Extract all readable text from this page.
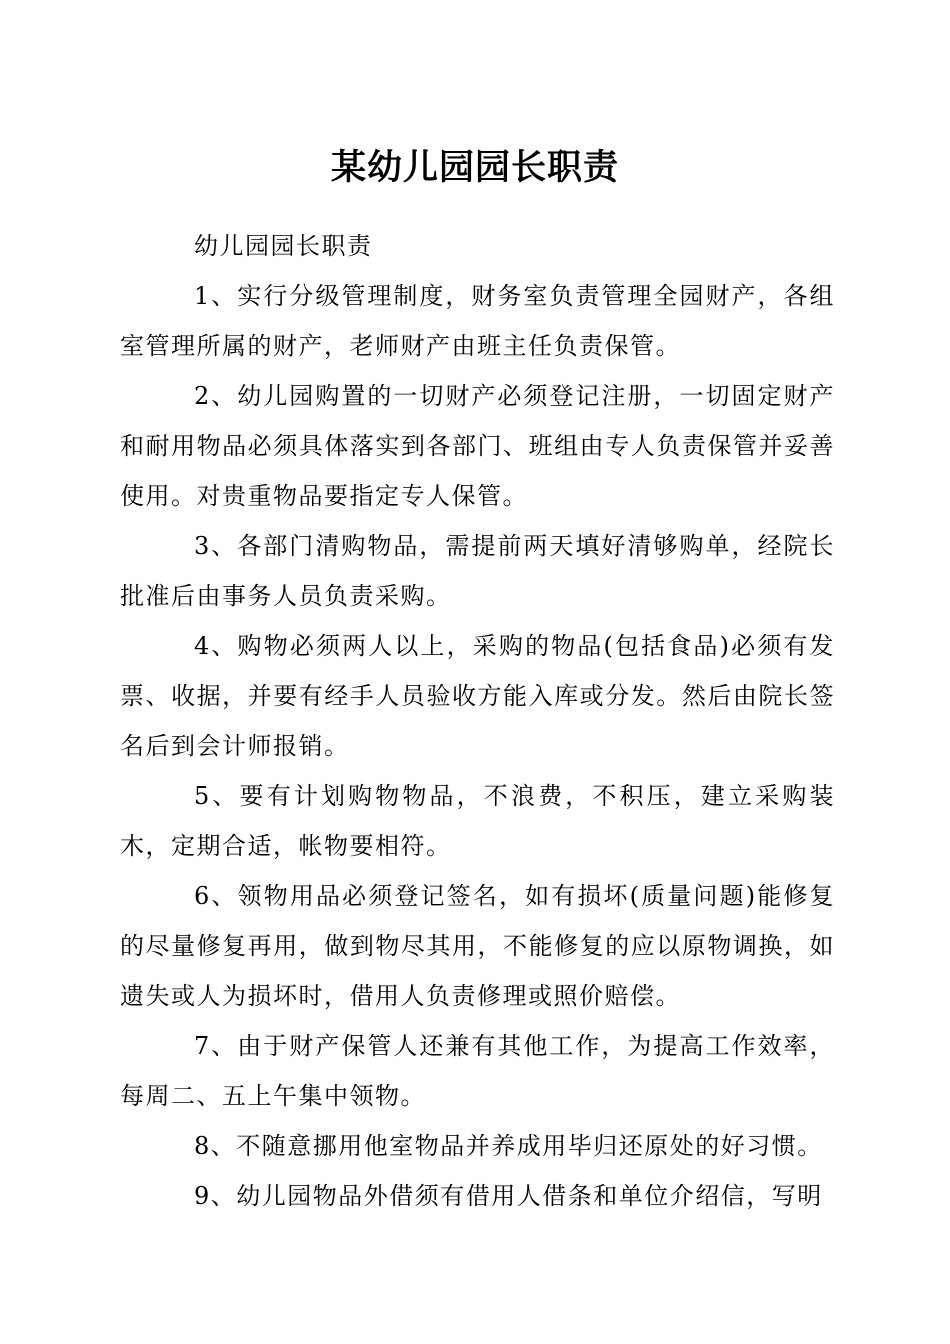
某幼儿园园长职责

幼儿园园长职责

1、实行分级管理制度，财务室负责管理全园财产，各组室管理所属的财产，老师财产由班主任负责保管。

2、幼儿园购置的一切财产必须登记注册，一切固定财产和耐用物品必须具体落实到各部门、班组由专人负责保管并妥善使用。对贵重物品要指定专人保管。

3、各部门清购物品，需提前两天填好清够购单，经院长批准后由事务人员负责采购。

4、购物必须两人以上，采购的物品(包括食品)必须有发票、收据，并要有经手人员验收方能入库或分发。然后由院长签名后到会计师报销。

5、要有计划购物物品，不浪费，不积压，建立采购装木，定期合适，帐物要相符。

6、领物用品必须登记签名，如有损坏(质量问题)能修复的尽量修复再用，做到物尽其用，不能修复的应以原物调换，如遗失或人为损坏时，借用人负责修理或照价赔偿。

7、由于财产保管人还兼有其他工作，为提高工作效率，每周二、五上午集中领物。

8、不随意挪用他室物品并养成用毕归还原处的好习惯。

9、幼儿园物品外借须有借用人借条和单位介绍信，写明
